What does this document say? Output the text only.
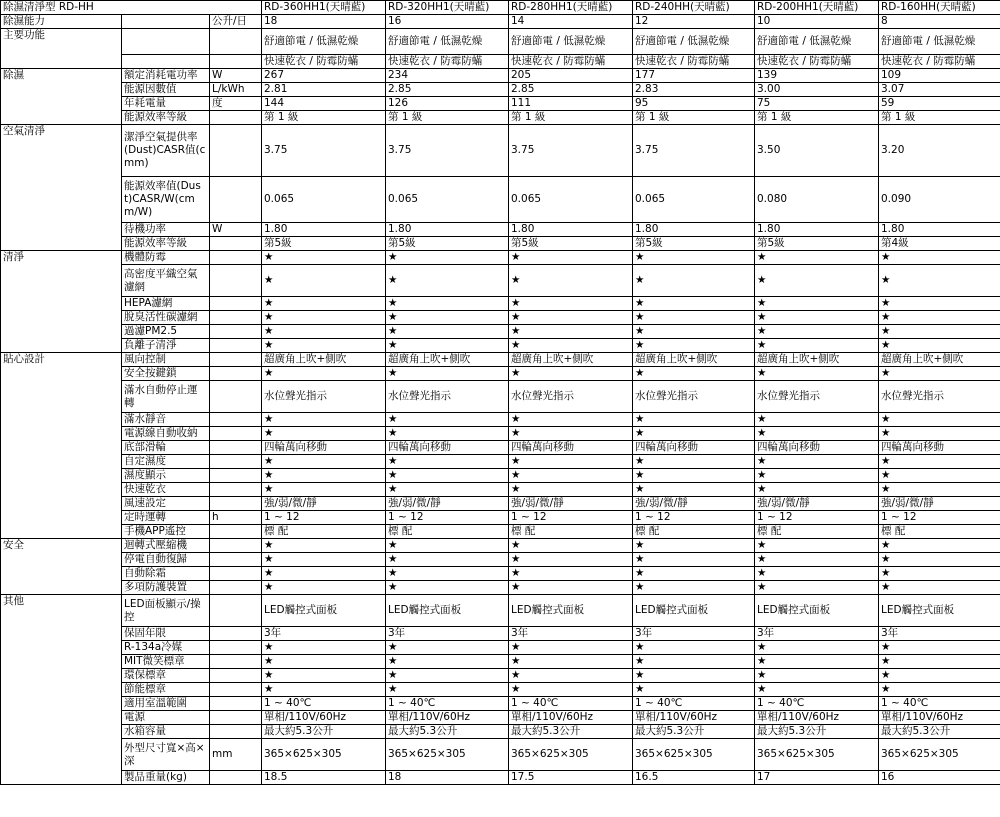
除濕清淨型 RD-HH			RD-360HH1(天晴藍)	RD-320HH1(天晴藍)	RD-280HH1(天晴藍)	RD-240HH(天晴藍)	RD-200HH1(天晴藍)	RD-160HH(天晴藍)
除濕能力		公升/日	18	16	14	12	10	8
主要功能			舒適節電 / 低濕乾燥	舒適節電 / 低濕乾燥	舒適節電 / 低濕乾燥	舒適節電 / 低濕乾燥	舒適節電 / 低濕乾燥	舒適節電 / 低濕乾燥
			快速乾衣 / 防霉防蟎	快速乾衣 / 防霉防蟎	快速乾衣 / 防霉防蟎	快速乾衣 / 防霉防蟎	快速乾衣 / 防霉防蟎	快速乾衣 / 防霉防蟎
除濕	額定消耗電功率	W	267	234	205	177	139	109
	能源因數值	L/kWh	2.81	2.85	2.85	2.83	3.00	3.07
	年耗電量	度	144	126	111	95	75	59
	能源效率等級		第 1 級	第 1 級	第 1 級	第 1 級	第 1 級	第 1 級
空氣清淨	潔淨空氣提供率(Dust)CASR值(cmm)		3.75	3.75	3.75	3.75	3.50	3.20
	能源效率值(Dust)CASR/W(cmm/W)		0.065	0.065	0.065	0.065	0.080	0.090
	待機功率	W	1.80	1.80	1.80	1.80	1.80	1.80
	能源效率等級		第5級	第5級	第5級	第5級	第5級	第4級
清淨	機體防霉		★	★	★	★	★	★
	高密度平織空氣濾網		★	★	★	★	★	★
	HEPA濾網		★	★	★	★	★	★
	脫臭活性碳濾網		★	★	★	★	★	★
	過濾PM2.5		★	★	★	★	★	★
	負離子清淨		★	★	★	★	★	★
貼心設計	風向控制		超廣角上吹+側吹	超廣角上吹+側吹	超廣角上吹+側吹	超廣角上吹+側吹	超廣角上吹+側吹	超廣角上吹+側吹
	安全按鍵鎖		★	★	★	★	★	★
	滿水自動停止運轉		水位聲光指示	水位聲光指示	水位聲光指示	水位聲光指示	水位聲光指示	水位聲光指示
	滿水靜音		★	★	★	★	★	★
	電源線自動收納		★	★	★	★	★	★
	底部滑輪		四輪萬向移動	四輪萬向移動	四輪萬向移動	四輪萬向移動	四輪萬向移動	四輪萬向移動
	自定濕度		★	★	★	★	★	★
	濕度顯示		★	★	★	★	★	★
	快速乾衣		★	★	★	★	★	★
	風速設定		強/弱/微/靜	強/弱/微/靜	強/弱/微/靜	強/弱/微/靜	強/弱/微/靜	強/弱/微/靜
	定時運轉	h	1 ~ 12	1 ~ 12	1 ~ 12	1 ~ 12	1 ~ 12	1 ~ 12
	手機APP遙控		標 配	標 配	標 配	標 配	標 配	標 配
安全	迴轉式壓縮機		★	★	★	★	★	★
	停電自動復歸		★	★	★	★	★	★
	自動除霜		★	★	★	★	★	★
	多項防護裝置		★	★	★	★	★	★
其他	LED面板顯示/操控		LED觸控式面板	LED觸控式面板	LED觸控式面板	LED觸控式面板	LED觸控式面板	LED觸控式面板
	保固年限		3年	3年	3年	3年	3年	3年
	R-134a冷媒		★	★	★	★	★	★
	MIT微笑標章		★	★	★	★	★	★
	環保標章		★	★	★	★	★	★
	節能標章		★	★	★	★	★	★
	適用室溫範圍		1 ~ 40℃	1 ~ 40℃	1 ~ 40℃	1 ~ 40℃	1 ~ 40℃	1 ~ 40℃
	電源		單相/110V/60Hz	單相/110V/60Hz	單相/110V/60Hz	單相/110V/60Hz	單相/110V/60Hz	單相/110V/60Hz
	水箱容量		最大約5.3公升	最大約5.3公升	最大約5.3公升	最大約5.3公升	最大約5.3公升	最大約5.3公升
	外型尺寸寬×高×深	mm	365×625×305	365×625×305	365×625×305	365×625×305	365×625×305	365×625×305
	製品重量(kg)		18.5	18	17.5	16.5	17	16
